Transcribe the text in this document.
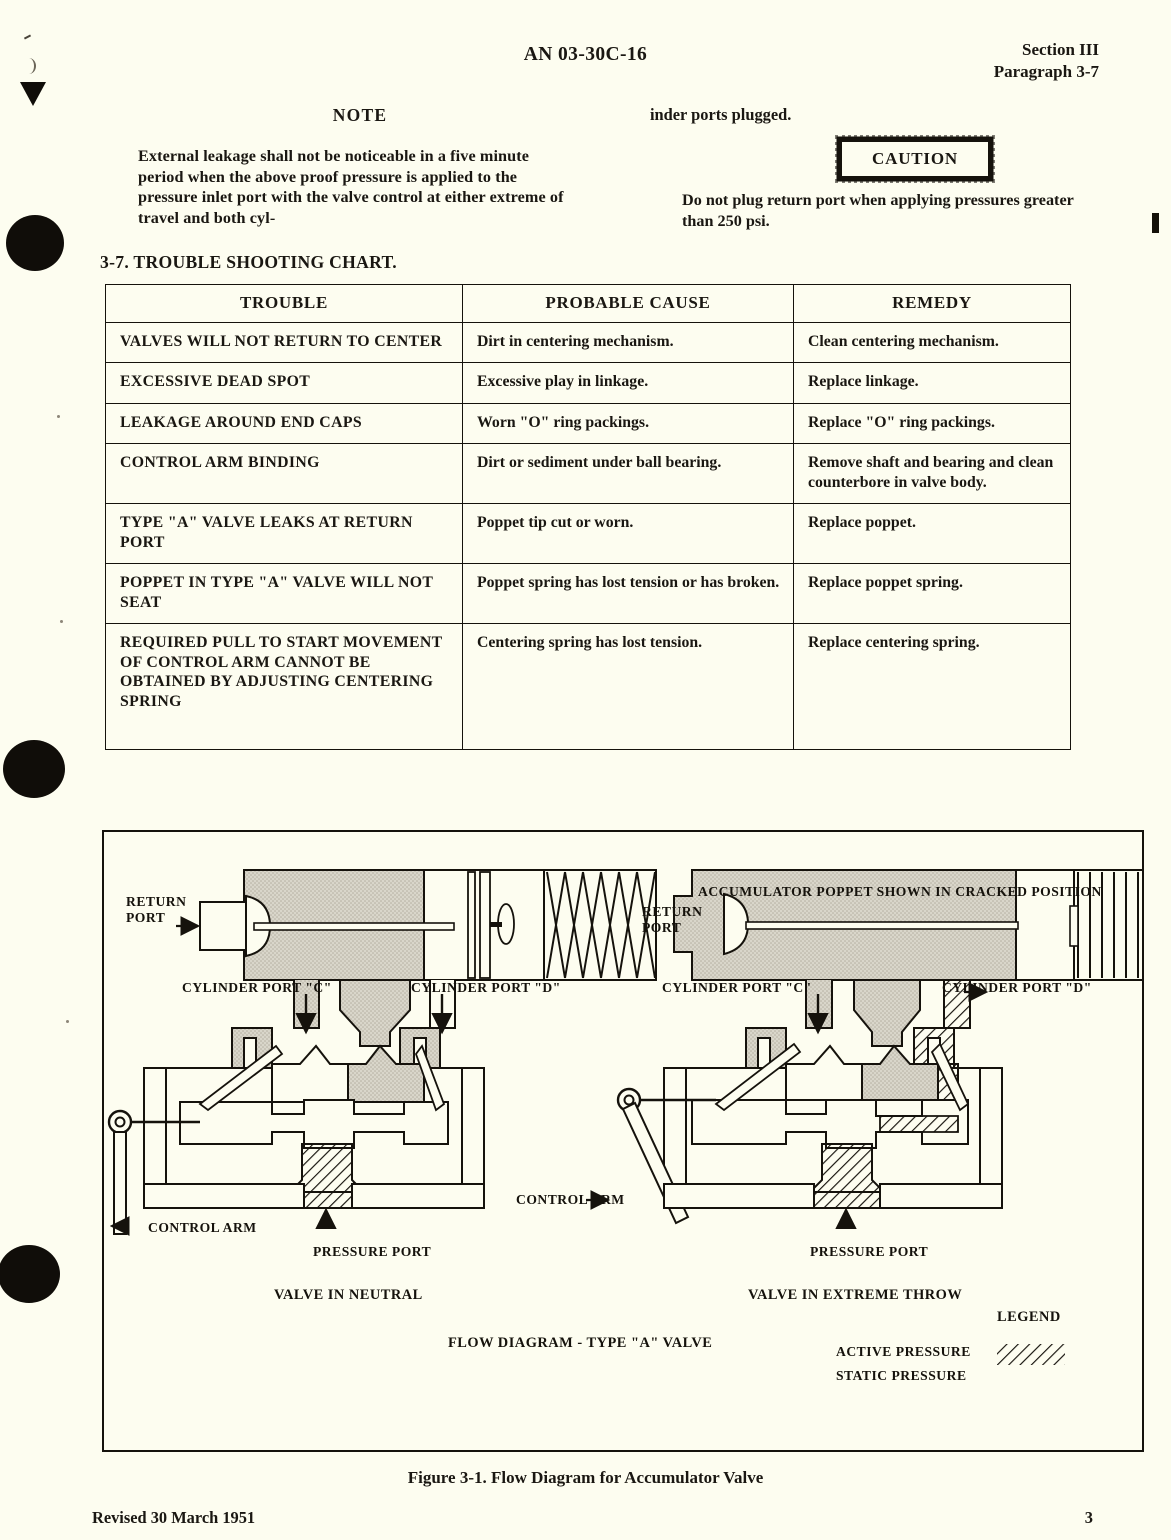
AN 03-30C-16	Section III
Paragraph 3-7
NOTE
External leakage shall not be noticeable in a five minute period when the above proof pressure is applied to the pressure inlet port with the valve control at either extreme of travel and both cyl-
inder ports plugged.
CAUTION
Do not plug return port when applying pressures greater than 250 psi.
3-7. TROUBLE SHOOTING CHART.
TROUBLE	PROBABLE CAUSE	REMEDY
VALVES WILL NOT RETURN TO CENTER	Dirt in centering mechanism.	Clean centering mechanism.
EXCESSIVE DEAD SPOT	Excessive play in linkage.	Replace linkage.
LEAKAGE AROUND END CAPS	Worn "O" ring packings.	Replace "O" ring packings.
CONTROL ARM BINDING	Dirt or sediment under ball bearing.	Remove shaft and bearing and clean counterbore in valve body.
TYPE "A" VALVE LEAKS AT RETURN PORT	Poppet tip cut or worn.	Replace poppet.
POPPET IN TYPE "A" VALVE WILL NOT SEAT	Poppet spring has lost tension or has broken.	Replace poppet spring.
REQUIRED PULL TO START MOVEMENT OF CONTROL ARM CANNOT BE OBTAINED BY ADJUSTING CENTERING SPRING	Centering spring has lost tension.	Replace centering spring.
ACCUMULATOR POPPET SHOWN IN CRACKED POSITION
RETURN
PORT
CYLINDER PORT "C"	CYLINDER PORT "D"
CONTROL ARM
PRESSURE PORT
VALVE IN NEUTRAL
RETURN
PORT
CYLINDER PORT "C"	CYLINDER PORT "D"
CONTROL ARM
PRESSURE PORT
VALVE IN EXTREME THROW
FLOW DIAGRAM - TYPE "A" VALVE
LEGEND
ACTIVE PRESSURE
STATIC PRESSURE
Figure 3-1. Flow Diagram for Accumulator Valve
Revised 30 March 1951	3
